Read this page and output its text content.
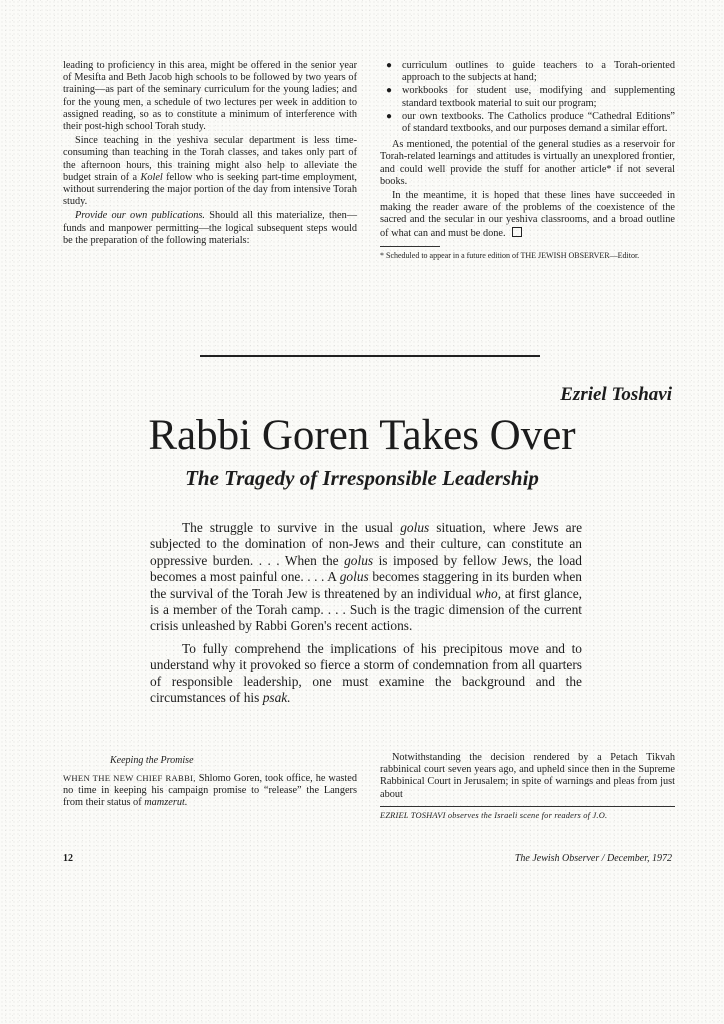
leading to proficiency in this area, might be offered in the senior year of Mesifta and Beth Jacob high schools to be followed by two years of training—as part of the seminary curriculum for the young ladies; and for the young men, a schedule of two lectures per week in addition to assigned reading, so as to constitute a minimum of interference with their post-high school Torah study.

Since teaching in the yeshiva secular department is less time-consuming than teaching in the Torah classes, and takes only part of the afternoon hours, this training might also help to alleviate the budget strain of a Kolel fellow who is seeking part-time employment, without surrendering the major portion of the day from intensive Torah study.

Provide our own publications. Should all this materialize, then—funds and manpower permitting—the logical subsequent steps would be the preparation of the following materials:

● curriculum outlines to guide teachers to a Torah-oriented approach to the subjects at hand;
● workbooks for student use, modifying and supplementing standard textbook material to suit our program;
● our own textbooks. The Catholics produce “Cathedral Editions” of standard textbooks, and our purposes demand a similar effort.

As mentioned, the potential of the general studies as a reservoir for Torah-related learnings and attitudes is virtually an unexplored frontier, and could well provide the stuff for another article* if not several books.

In the meantime, it is hoped that these lines have succeeded in making the reader aware of the problems of the coexistence of the sacred and the secular in our yeshiva classrooms, and a broad outline of what can and must be done.

* Scheduled to appear in a future edition of THE JEWISH OBSERVER—Editor.
Ezriel Toshavi
Rabbi Goren Takes Over
The Tragedy of Irresponsible Leadership

The struggle to survive in the usual golus situation, where Jews are subjected to the domination of non-Jews and their culture, can constitute an oppressive burden. . . . When the golus is imposed by fellow Jews, the load becomes a most painful one. . . . A golus becomes staggering in its burden when the survival of the Torah Jew is threatened by an individual who, at first glance, is a member of the Torah camp. . . . Such is the tragic dimension of the current crisis unleashed by Rabbi Goren's recent actions.

To fully comprehend the implications of his precipitous move and to understand why it provoked so fierce a storm of condemnation from all quarters of responsible leadership, one must examine the background and the circumstances of his psak.

Keeping the Promise

WHEN THE NEW CHIEF RABBI, Shlomo Goren, took office, he wasted no time in keeping his campaign promise to “release” the Langers from their status of mamzerut.

Notwithstanding the decision rendered by a Petach Tikvah rabbinical court seven years ago, and upheld since then in the Supreme Rabbinical Court in Jerusalem; in spite of warnings and pleas from just about

EZRIEL TOSHAVI observes the Israeli scene for readers of J.O.
12	The Jewish Observer / December, 1972
